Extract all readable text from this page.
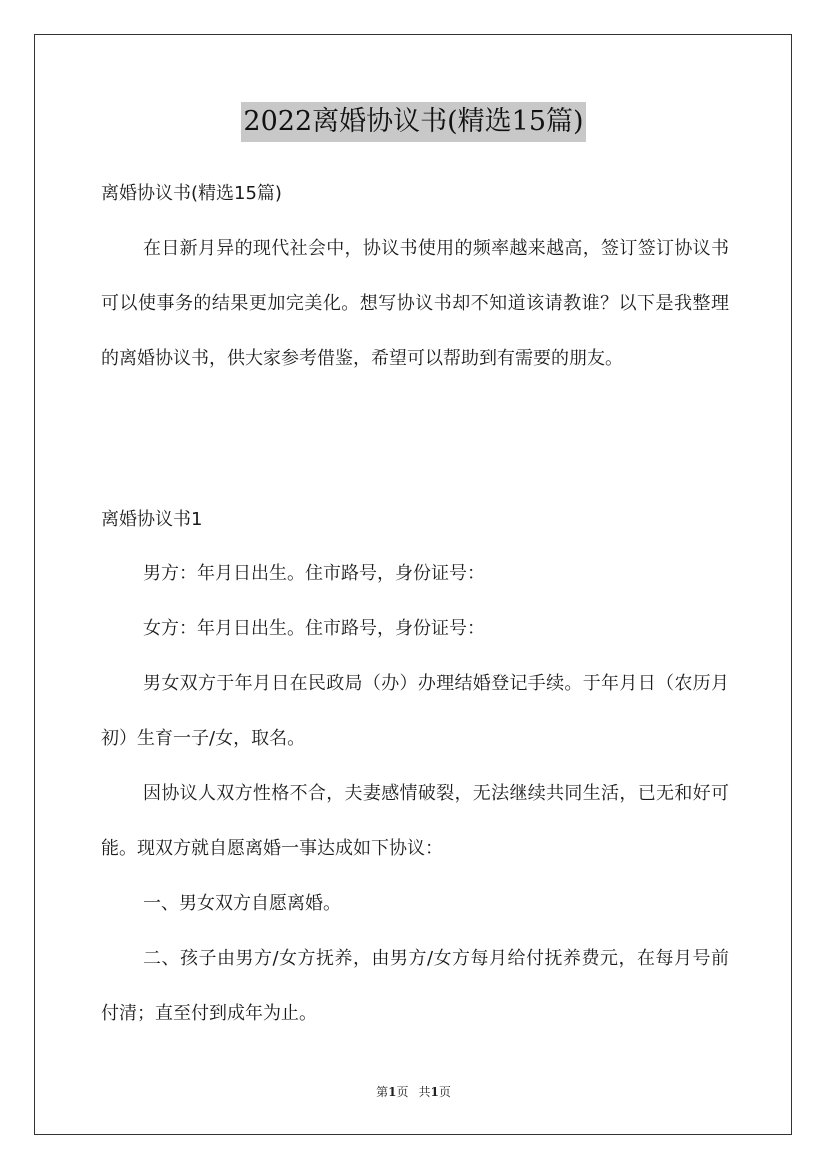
2022离婚协议书(精选15篇)
离婚协议书(精选15篇)
在日新月异的现代社会中，协议书使用的频率越来越高，签订签订协议书可以使事务的结果更加完美化。想写协议书却不知道该请教谁？以下是我整理的离婚协议书，供大家参考借鉴，希望可以帮助到有需要的朋友。
离婚协议书1
男方：年月日出生。住市路号，身份证号：
女方：年月日出生。住市路号，身份证号：
男女双方于年月日在民政局（办）办理结婚登记手续。于年月日（农历月初）生育一子/女，取名。
因协议人双方性格不合，夫妻感情破裂，无法继续共同生活，已无和好可能。现双方就自愿离婚一事达成如下协议：
一、男女双方自愿离婚。
二、孩子由男方/女方抚养，由男方/女方每月给付抚养费元，在每月号前付清；直至付到成年为止。
第1页 共1页
